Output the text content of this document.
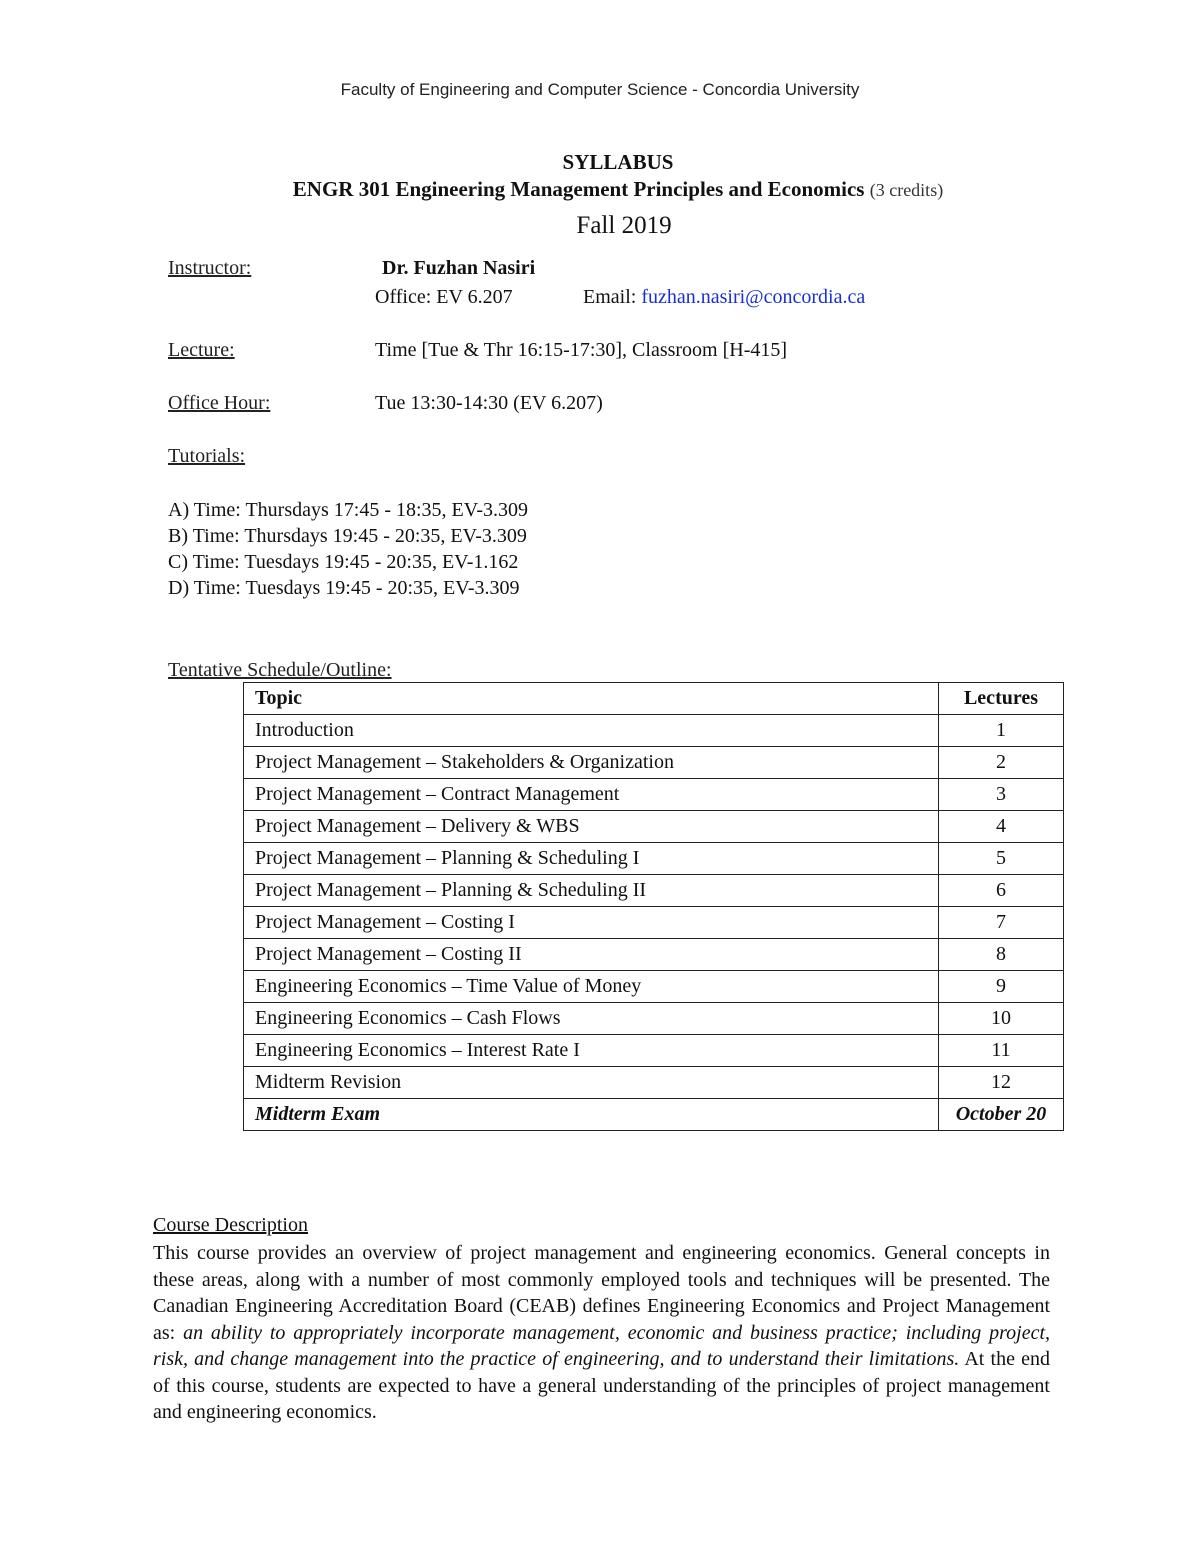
Faculty of Engineering and Computer Science - Concordia University
SYLLABUS
ENGR 301 Engineering Management Principles and Economics (3 credits)
Fall 2019
Instructor:	Dr. Fuzhan Nasiri
Office: EV 6.207	Email: fuzhan.nasiri@concordia.ca
Lecture:	Time [Tue & Thr 16:15-17:30], Classroom [H-415]
Office Hour:	Tue 13:30-14:30 (EV 6.207)
Tutorials:
A) Time: Thursdays 17:45 - 18:35, EV-3.309
B) Time: Thursdays 19:45 - 20:35, EV-3.309
C) Time: Tuesdays 19:45 - 20:35, EV-1.162
D) Time: Tuesdays 19:45 - 20:35, EV-3.309
Tentative Schedule/Outline:
Topic	Lectures
Introduction	1
Project Management – Stakeholders & Organization	2
Project Management – Contract Management	3
Project Management – Delivery & WBS	4
Project Management – Planning & Scheduling I	5
Project Management – Planning & Scheduling II	6
Project Management – Costing I	7
Project Management – Costing II	8
Engineering Economics – Time Value of Money	9
Engineering Economics – Cash Flows	10
Engineering Economics – Interest Rate I	11
Midterm Revision	12
Midterm Exam	October 20
Course Description
This course provides an overview of project management and engineering economics. General concepts in these areas, along with a number of most commonly employed tools and techniques will be presented. The Canadian Engineering Accreditation Board (CEAB) defines Engineering Economics and Project Management as: an ability to appropriately incorporate management, economic and business practice; including project, risk, and change management into the practice of engineering, and to understand their limitations. At the end of this course, students are expected to have a general understanding of the principles of project management and engineering economics.
